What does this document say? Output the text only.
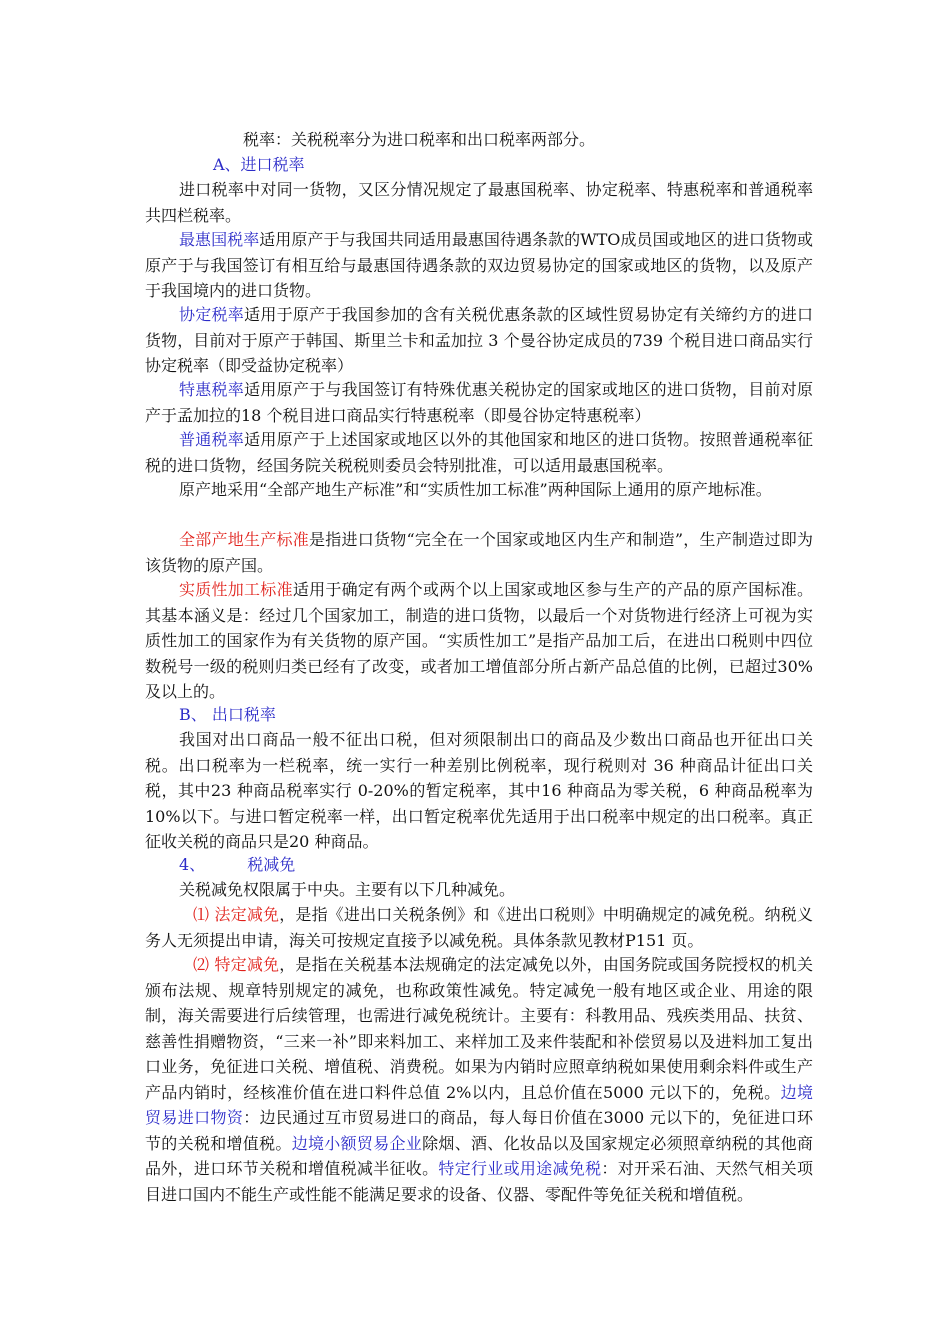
税率：关税税率分为进口税率和出口税率两部分。

A、进口税率

进口税率中对同一货物，又区分情况规定了最惠国税率、协定税率、特惠税率和普通税率共四栏税率。

最惠国税率适用原产于与我国共同适用最惠国待遇条款的WTO成员国或地区的进口货物或原产于与我国签订有相互给与最惠国待遇条款的双边贸易协定的国家或地区的货物，以及原产于我国境内的进口货物。

协定税率适用于原产于我国参加的含有关税优惠条款的区域性贸易协定有关缔约方的进口货物，目前对于原产于韩国、斯里兰卡和孟加拉 3 个曼谷协定成员的739 个税目进口商品实行协定税率（即受益协定税率）

特惠税率适用原产于与我国签订有特殊优惠关税协定的国家或地区的进口货物，目前对原产于孟加拉的18 个税目进口商品实行特惠税率（即曼谷协定特惠税率）

普通税率适用原产于上述国家或地区以外的其他国家和地区的进口货物。按照普通税率征税的进口货物，经国务院关税税则委员会特别批准，可以适用最惠国税率。

原产地采用“全部产地生产标准”和“实质性加工标准”两种国际上通用的原产地标准。

全部产地生产标准是指进口货物“完全在一个国家或地区内生产和制造”，生产制造过即为该货物的原产国。

实质性加工标准适用于确定有两个或两个以上国家或地区参与生产的产品的原产国标准。其基本涵义是：经过几个国家加工，制造的进口货物，以最后一个对货物进行经济上可视为实质性加工的国家作为有关货物的原产国。“实质性加工”是指产品加工后，在进出口税则中四位数税号一级的税则归类已经有了改变，或者加工增值部分所占新产品总值的比例，已超过30%及以上的。

B、 出口税率

我国对出口商品一般不征出口税，但对须限制出口的商品及少数出口商品也开征出口关税。出口税率为一栏税率，统一实行一种差别比例税率，现行税则对 36 种商品计征出口关税，其中23 种商品税率实行 0-20%的暂定税率，其中16 种商品为零关税，6 种商品税率为10%以下。与进口暂定税率一样，出口暂定税率优先适用于出口税率中规定的出口税率。真正征收关税的商品只是20 种商品。

4、	税减免

关税减免权限属于中央。主要有以下几种减免。

⑴ 法定减免，是指《进出口关税条例》和《进出口税则》中明确规定的减免税。纳税义务人无须提出申请，海关可按规定直接予以减免税。具体条款见教材P151 页。

⑵ 特定减免，是指在关税基本法规确定的法定减免以外，由国务院或国务院授权的机关颁布法规、规章特别规定的减免，也称政策性减免。特定减免一般有地区或企业、用途的限制，海关需要进行后续管理，也需进行减免税统计。主要有：科教用品、残疾类用品、扶贫、慈善性捐赠物资，“三来一补”即来料加工、来样加工及来件装配和补偿贸易以及进料加工复出口业务，免征进口关税、增值税、消费税。如果为内销时应照章纳税如果使用剩余料件或生产产品内销时，经核准价值在进口料件总值 2%以内，且总价值在5000 元以下的，免税。边境贸易进口物资：边民通过互市贸易进口的商品，每人每日价值在3000 元以下的，免征进口环节的关税和增值税。边境小额贸易企业除烟、酒、化妆品以及国家规定必须照章纳税的其他商品外，进口环节关税和增值税减半征收。特定行业或用途减免税：对开采石油、天然气相关项目进口国内不能生产或性能不能满足要求的设备、仪器、零配件等免征关税和增值税。
